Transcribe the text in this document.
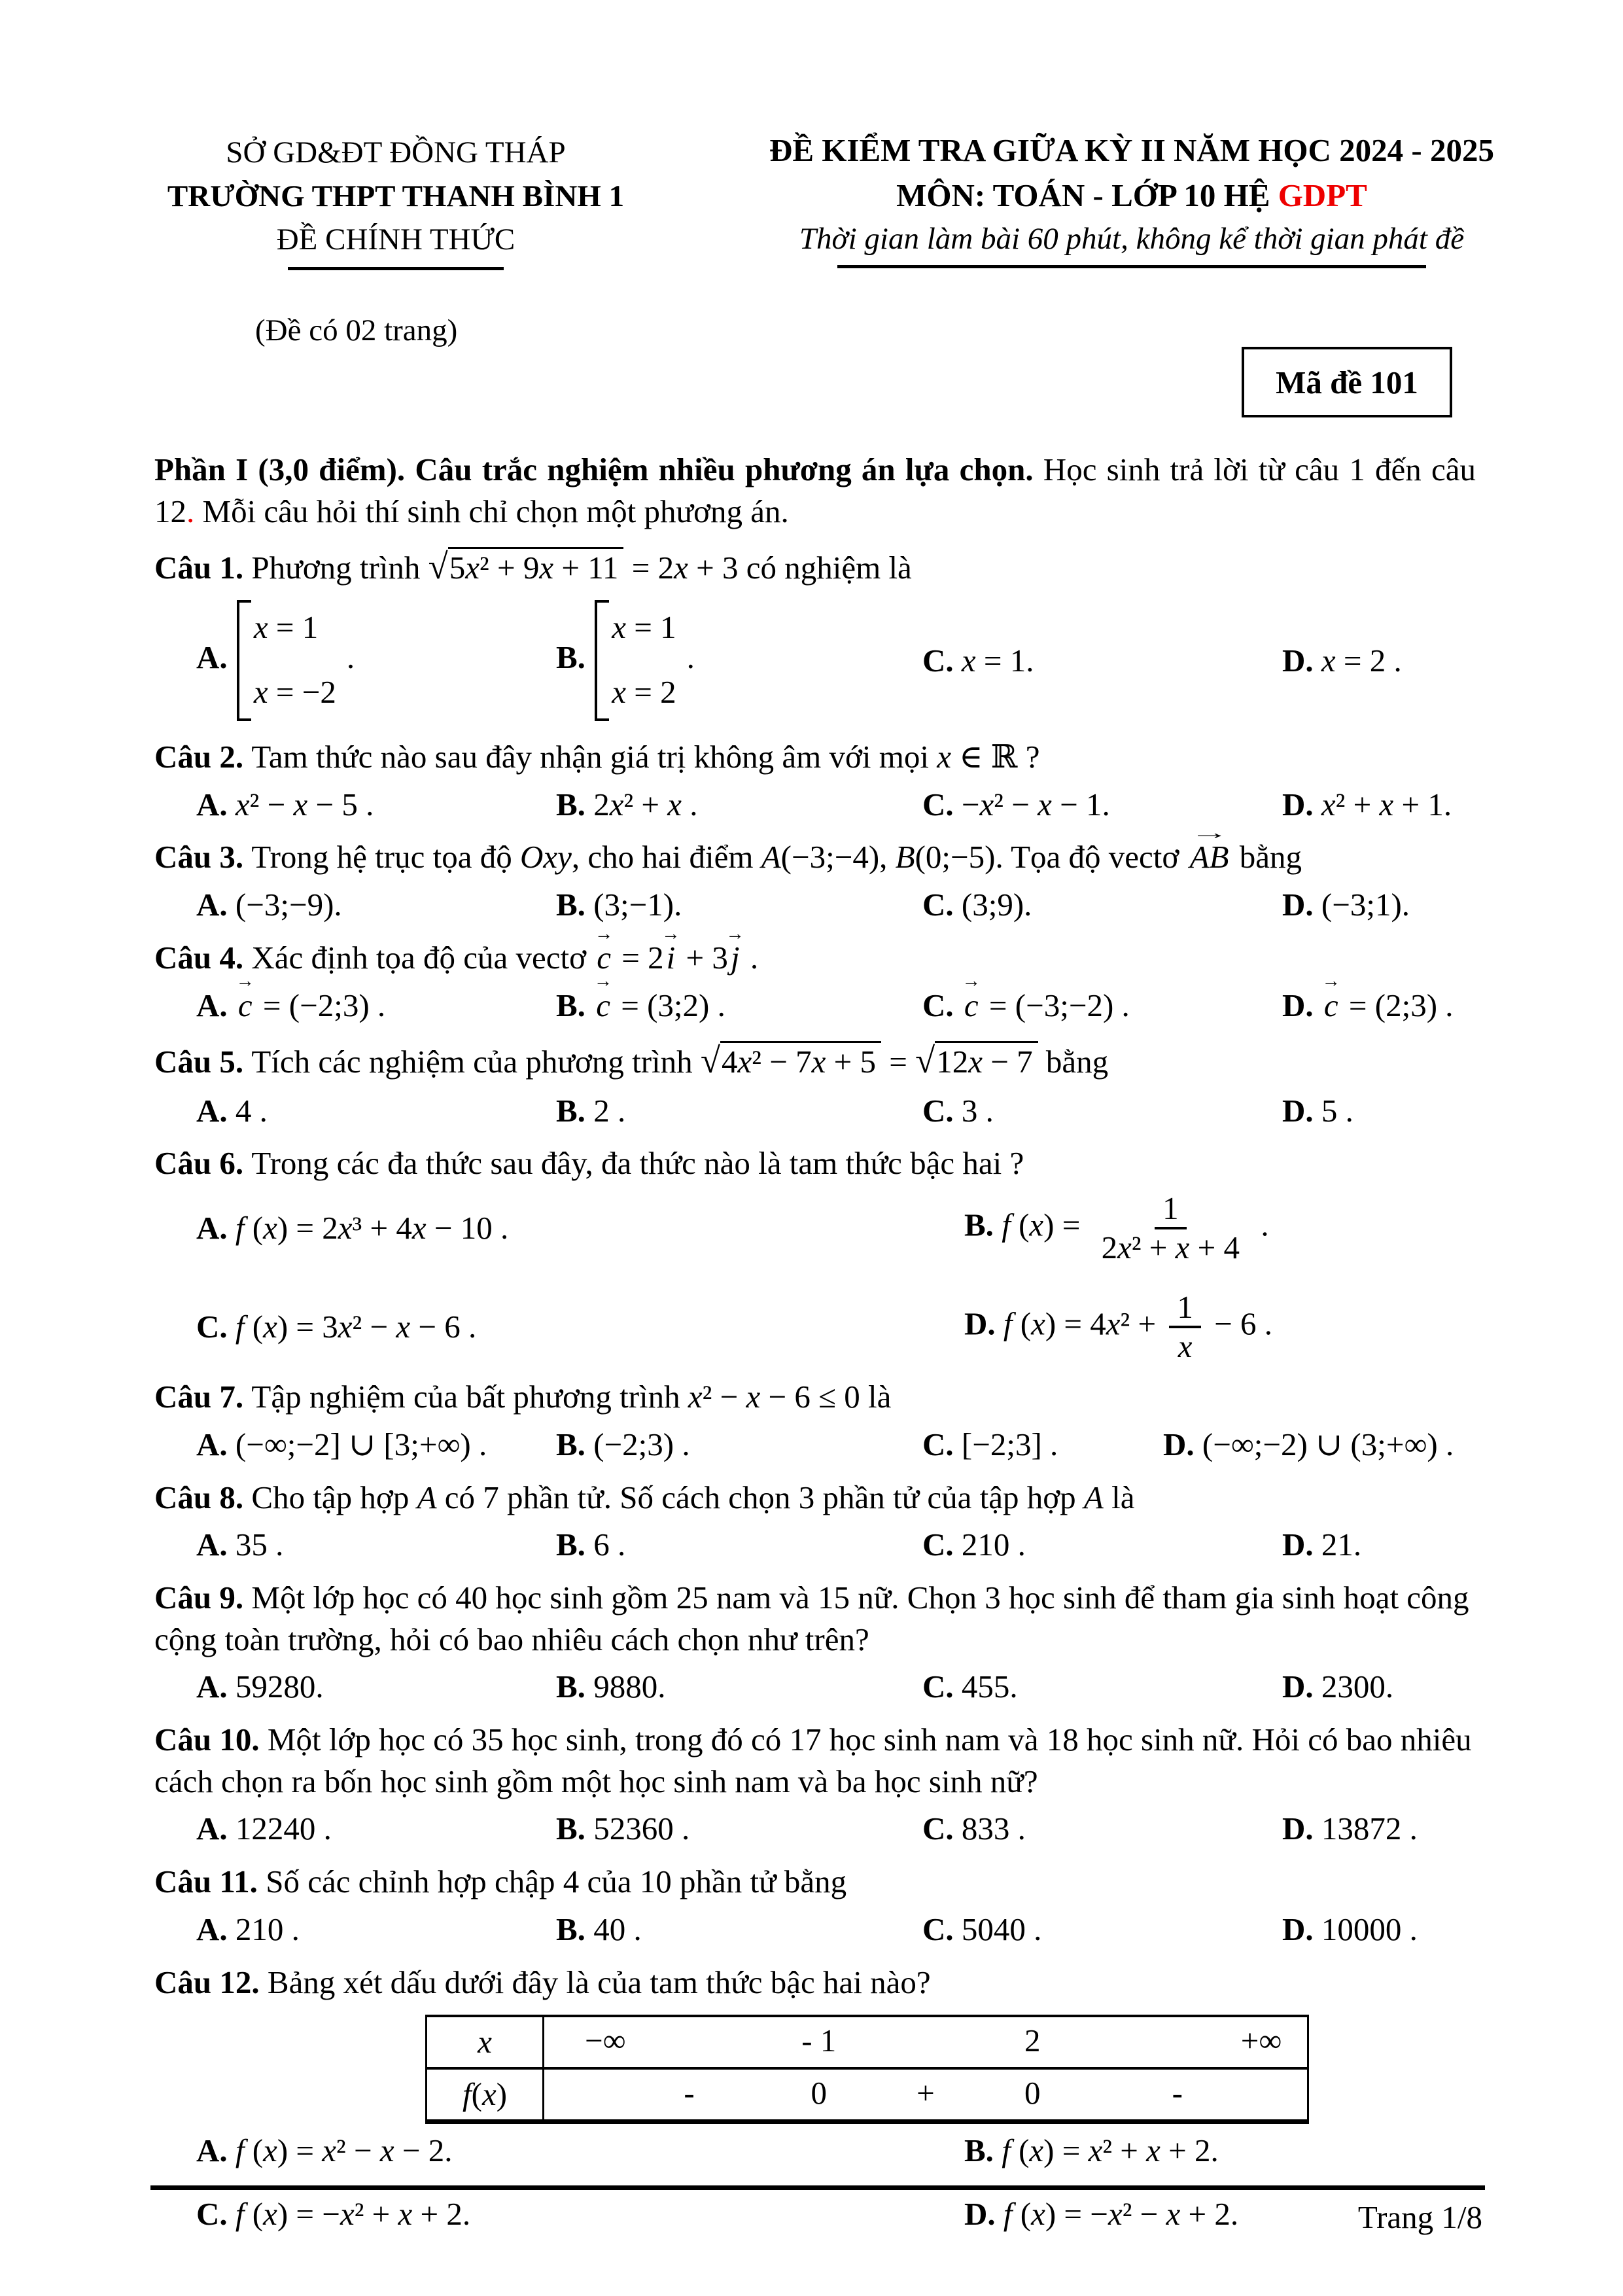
SỞ GD&ĐT ĐỒNG THÁP
TRƯỜNG THPT THANH BÌNH 1
ĐỀ CHÍNH THỨC
ĐỀ KIỂM TRA GIỮA KỲ II NĂM HỌC 2024 - 2025
MÔN: TOÁN - LỚP 10 HỆ GDPT
Thời gian làm bài 60 phút, không kể thời gian phát đề
(Đề có 02 trang)
Mã đề 101
Phần I (3,0 điểm). Câu trắc nghiệm nhiều phương án lựa chọn. Học sinh trả lời từ câu 1 đến câu 12. Mỗi câu hỏi thí sinh chỉ chọn một phương án.
Câu 1. Phương trình √5x² + 9x + 11 = 2x + 3 có nghiệm là
A.
x = 1
x = −2
.	B.
x = 1
x = 2
.	C. x = 1.	D. x = 2 .
Câu 2. Tam thức nào sau đây nhận giá trị không âm với mọi x ∈ ℝ ?
A. x² − x − 5 .	B. 2x² + x .	C. −x² − x − 1.	D. x² + x + 1.
Câu 3. Trong hệ trục tọa độ Oxy, cho hai điểm A(−3;−4), B(0;−5). Tọa độ vectơ AB → bằng
A. (−3;−9).	B. (3;−1).	C. (3;9).	D. (−3;1).
Câu 4. Xác định tọa độ của vectơ c → = 2i → + 3j → .
A. c → = (−2;3) .	B. c → = (3;2) .	C. c → = (−3;−2) .	D. c → = (2;3) .
Câu 5. Tích các nghiệm của phương trình √4x² − 7x + 5 = √12x − 7 bằng
A. 4 .	B. 2 .	C. 3 .	D. 5 .
Câu 6. Trong các đa thức sau đây, đa thức nào là tam thức bậc hai ?
A. f (x) = 2x³ + 4x − 10 .	B. f $(x) = \frac{1}{\text{2x² + x + 4}}$ .
C. f (x) = 3x² − x − 6 .	D. f $(x) = 4x^2 + \frac{1}{x} - 6$ .
Câu 7. Tập nghiệm của bất phương trình x² − x − 6 ≤ 0 là
A. (−∞;−2] ∪ [3;+∞) .	B. (−2;3) .	C. [−2;3] .	D. (−∞;−2) ∪ (3;+∞) .
Câu 8. Cho tập hợp A có 7 phần tử. Số cách chọn 3 phần tử của tập hợp A là
A. 35 .	B. 6 .	C. 210 .	D. 21.
Câu 9. Một lớp học có 40 học sinh gồm 25 nam và 15 nữ. Chọn 3 học sinh để tham gia sinh hoạt công cộng toàn trường, hỏi có bao nhiêu cách chọn như trên?
A. 59280.	B. 9880.	C. 455.	D. 2300.
Câu 10. Một lớp học có 35 học sinh, trong đó có 17 học sinh nam và 18 học sinh nữ. Hỏi có bao nhiêu cách chọn ra bốn học sinh gồm một học sinh nam và ba học sinh nữ?
A. 12240 .	B. 52360 .	C. 833 .	D. 13872 .
Câu 11. Số các chỉnh hợp chập 4 của 10 phần tử bằng
A. 210 .	B. 40 .	C. 5040 .	D. 10000 .
Câu 12. Bảng xét dấu dưới đây là của tam thức bậc hai nào?
x	−∞	- 1	2	+∞
f(x)	-	0	+	0	-
A. f (x) = x² − x − 2.	B. f (x) = x² + x + 2.
C. f (x) = −x² + x + 2.	D. f (x) = −x² − x + 2.	Trang 1/8
